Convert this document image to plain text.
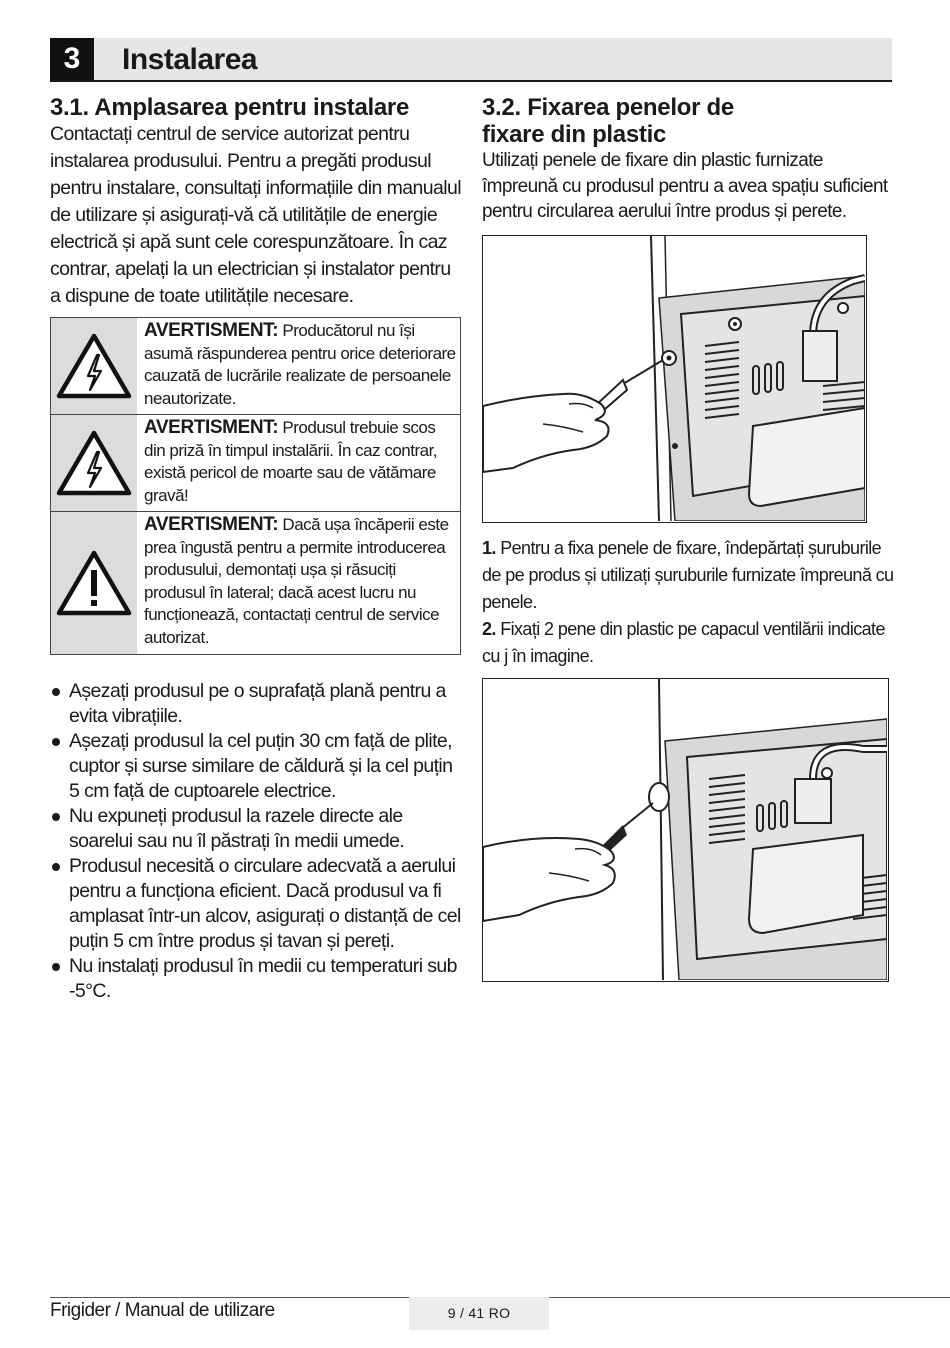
3	Instalarea
3.1. Amplasarea pentru instalare

Contactați centrul de service autorizat pentru instalarea produsului. Pentru a pregăti produsul pentru instalare, consultați informațiile din manualul de utilizare și asigurați-vă că utilitățile de energie electrică și apă sunt cele corespunzătoare. În caz contrar, apelați la un electrician și instalator pentru a dispune de toate utilitățile necesare.

AVERTISMENT: Producătorul nu își asumă răspunderea pentru orice deteriorare cauzată de lucrările realizate de persoanele neautorizate.
AVERTISMENT: Produsul trebuie scos din priză în timpul instalării. În caz contrar, există pericol de moarte sau de vătămare gravă!
AVERTISMENT: Dacă ușa încăperii este prea îngustă pentru a permite introducerea produsului, demontați ușa și răsuciți produsul în lateral; dacă acest lucru nu funcționează, contactați centrul de service autorizat.
Așezați produsul pe o suprafață plană pentru a evita vibrațiile.
Așezați produsul la cel puțin 30 cm față de plite, cuptor și surse similare de căldură și la cel puțin 5 cm față de cuptoarele electrice.
Nu expuneți produsul la razele directe ale soarelui sau nu îl păstrați în medii umede.
Produsul necesită o circulare adecvată a aerului pentru a funcționa eficient. Dacă produsul va fi amplasat într-un alcov, asigurați o distanță de cel puțin 5 cm între produs și tavan și pereți.
Nu instalați produsul în medii cu temperaturi sub -5°C.
3.2. Fixarea penelor de
fixare din plastic

Utilizați penele de fixare din plastic furnizate împreună cu produsul pentru a avea spațiu suficient pentru circularea aerului între produs și perete.

1. Pentru a fixa penele de fixare, îndepărtați șuruburile de pe produs și utilizați șuruburile furnizate împreună cu penele.

2. Fixați 2 pene din plastic pe capacul ventilării indicate cu j în imagine.

Frigider / Manual de utilizare	9 / 41 RO
